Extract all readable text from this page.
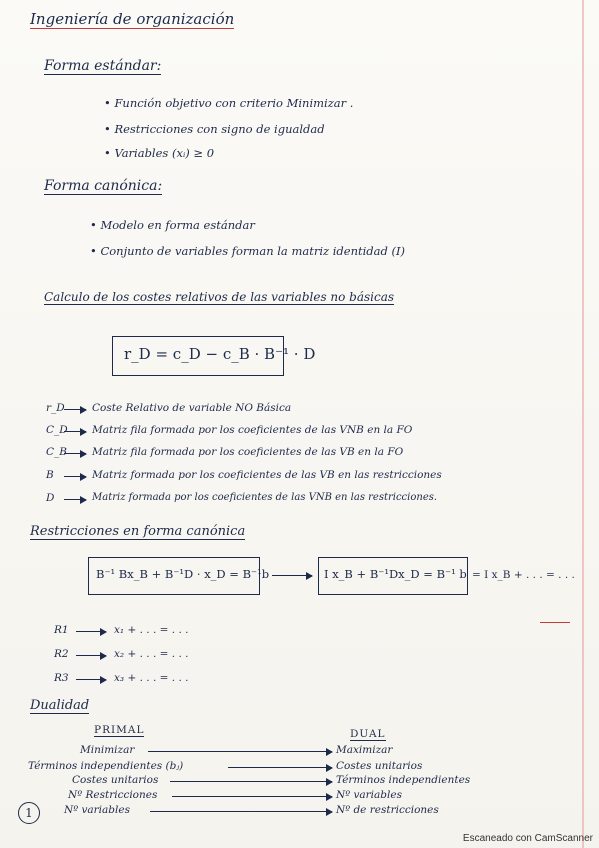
Ingeniería de organización
Forma estándar:
• Función objetivo con criterio Minimizar .
• Restricciones con signo de igualdad
• Variables (xᵢ) ≥ 0
Forma canónica:
• Modelo en forma estándar
• Conjunto de variables forman la matriz identidad (I)
Calculo de los costes relativos de las variables no básicas
r_D = c_D − c_B · B⁻¹ · D
r_D	Coste Relativo de variable NO Básica
C_D Matriz fila formada por los coeficientes de las VNB en la FO
C_B Matriz fila formada por los coeficientes de las VB en la FO
B	Matriz formada por los coeficientes de las VB en las restricciones
D	Matriz formada por los coeficientes de las VNB en las restricciones.
Restricciones en forma canónica
B⁻¹ Bx_B + B⁻¹D · x_D = B⁻¹b	I x_B + B⁻¹Dx_D = B⁻¹ b = I x_B + . . . = . . .
R1	x₁ + . . . = . . .
R2	x₂ + . . . = . . .
R3	x₃ + . . . = . . .
Dualidad
PRIMAL	DUAL
Minimizar	Maximizar
Términos independientes (bⱼ)	Costes unitarios
Costes unitarios	Términos independientes
Nº Restricciones	Nº variables
Nº variables	Nº de restricciones
1
Escaneado con CamScanner
